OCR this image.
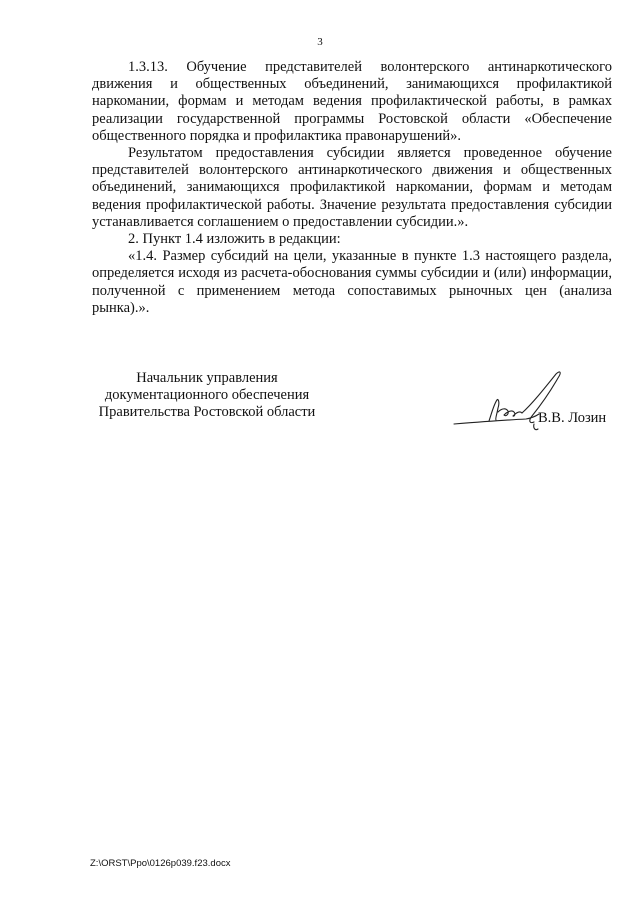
3

1.3.13. Обучение представителей волонтерского антинаркотического движения и общественных объединений, занимающихся профилактикой наркомании, формам и методам ведения профилактической работы, в рамках реализации государственной программы Ростовской области «Обеспечение общественного порядка и профилактика правонарушений».

Результатом предоставления субсидии является проведенное обучение представителей волонтерского антинаркотического движения и общественных объединений, занимающихся профилактикой наркомании, формам и методам ведения профилактической работы. Значение результата предоставления субсидии устанавливается соглашением о предоставлении субсидии.».

2. Пункт 1.4 изложить в редакции:

«1.4. Размер субсидий на цели, указанные в пункте 1.3 настоящего раздела, определяется исходя из расчета-обоснования суммы субсидии и (или) информации, полученной с применением метода сопоставимых рыночных цен (анализа рынка).».

Начальник управления
документационного обеспечения
Правительства Ростовской области	В.В. Лозин
Z:\ORST\Ppo\0126p039.f23.docx
